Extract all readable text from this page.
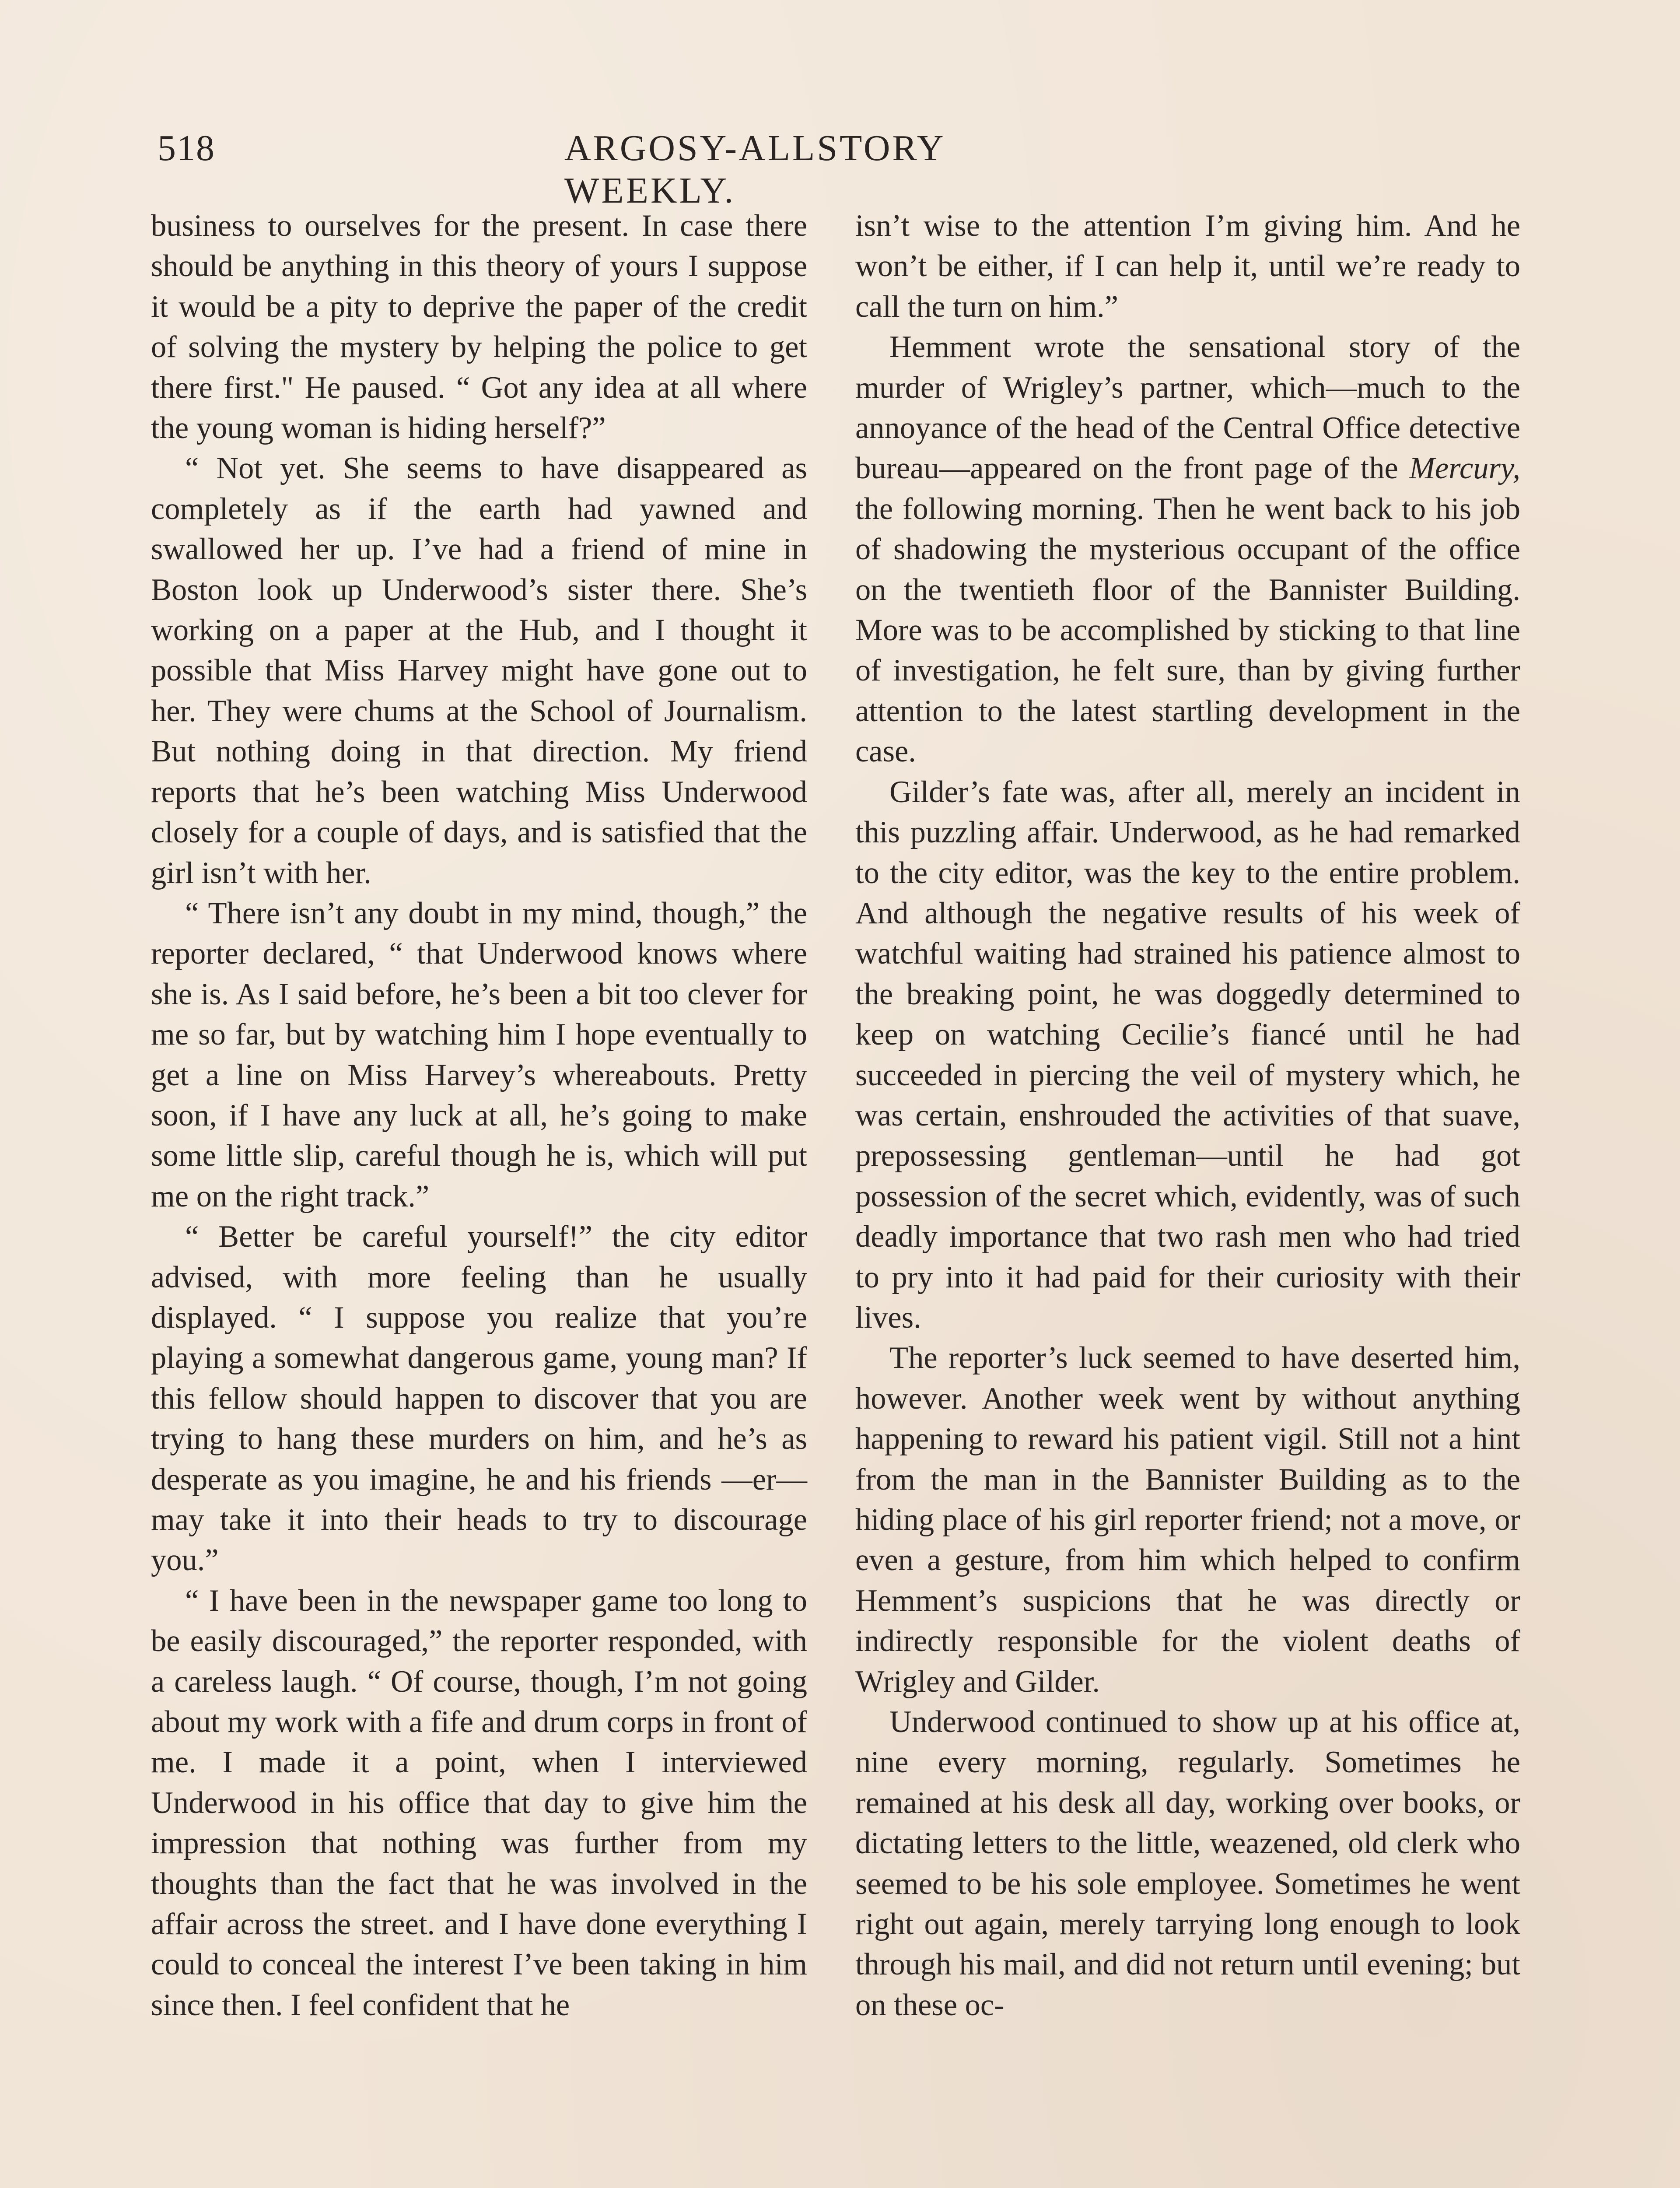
518	ARGOSY-ALLSTORY WEEKLY.

business to ourselves for the present. In case there should be anything in this theory of yours I suppose it would be a pity to deprive the paper of the credit of solving the mystery by helping the police to get there first." He paused. “ Got any idea at all where the young woman is hiding herself?”

“ Not yet. She seems to have disappeared as completely as if the earth had yawned and swallowed her up. I’ve had a friend of mine in Boston look up Underwood’s sister there. She’s working on a paper at the Hub, and I thought it possible that Miss Harvey might have gone out to her. They were chums at the School of Journalism. But nothing doing in that direction. My friend reports that he’s been watching Miss Underwood closely for a couple of days, and is satisfied that the girl isn’t with her.

“ There isn’t any doubt in my mind, though,” the reporter declared, “ that Underwood knows where she is. As I said before, he’s been a bit too clever for me so far, but by watching him I hope eventually to get a line on Miss Harvey’s whereabouts. Pretty soon, if I have any luck at all, he’s going to make some little slip, careful though he is, which will put me on the right track.”

“ Better be careful yourself!” the city editor advised, with more feeling than he usually displayed. “ I suppose you realize that you’re playing a somewhat dangerous game, young man? If this fellow should happen to discover that you are trying to hang these murders on him, and he’s as desperate as you imagine, he and his friends —er—may take it into their heads to try to discourage you.”

“ I have been in the newspaper game too long to be easily discouraged,” the reporter responded, with a careless laugh. “ Of course, though, I’m not going about my work with a fife and drum corps in front of me. I made it a point, when I interviewed Underwood in his office that day to give him the impression that nothing was further from my thoughts than the fact that he was involved in the affair across the street. and I have done everything I could to conceal the interest I’ve been taking in him since then. I feel confident that he

isn’t wise to the attention I’m giving him. And he won’t be either, if I can help it, until we’re ready to call the turn on him.”

Hemment wrote the sensational story of the murder of Wrigley’s partner, which—much to the annoyance of the head of the Central Office detective bureau—appeared on the front page of the Mercury, the following morning. Then he went back to his job of shadowing the mysterious occupant of the office on the twentieth floor of the Bannister Building. More was to be accomplished by sticking to that line of investigation, he felt sure, than by giving further attention to the latest startling development in the case.

Gilder’s fate was, after all, merely an incident in this puzzling affair. Underwood, as he had remarked to the city editor, was the key to the entire problem. And although the negative results of his week of watchful waiting had strained his patience almost to the breaking point, he was doggedly determined to keep on watching Cecilie’s fiancé until he had succeeded in piercing the veil of mystery which, he was certain, enshrouded the activities of that suave, prepossessing gentleman—until he had got possession of the secret which, evidently, was of such deadly importance that two rash men who had tried to pry into it had paid for their curiosity with their lives.

The reporter’s luck seemed to have deserted him, however. Another week went by without anything happening to reward his patient vigil. Still not a hint from the man in the Bannister Building as to the hiding place of his girl reporter friend; not a move, or even a gesture, from him which helped to confirm Hemment’s suspicions that he was directly or indirectly responsible for the violent deaths of Wrigley and Gilder.

Underwood continued to show up at his office at, nine every morning, regularly. Sometimes he remained at his desk all day, working over books, or dictating letters to the little, weazened, old clerk who seemed to be his sole employee. Sometimes he went right out again, merely tarrying long enough to look through his mail, and did not return until evening; but on these oc-
